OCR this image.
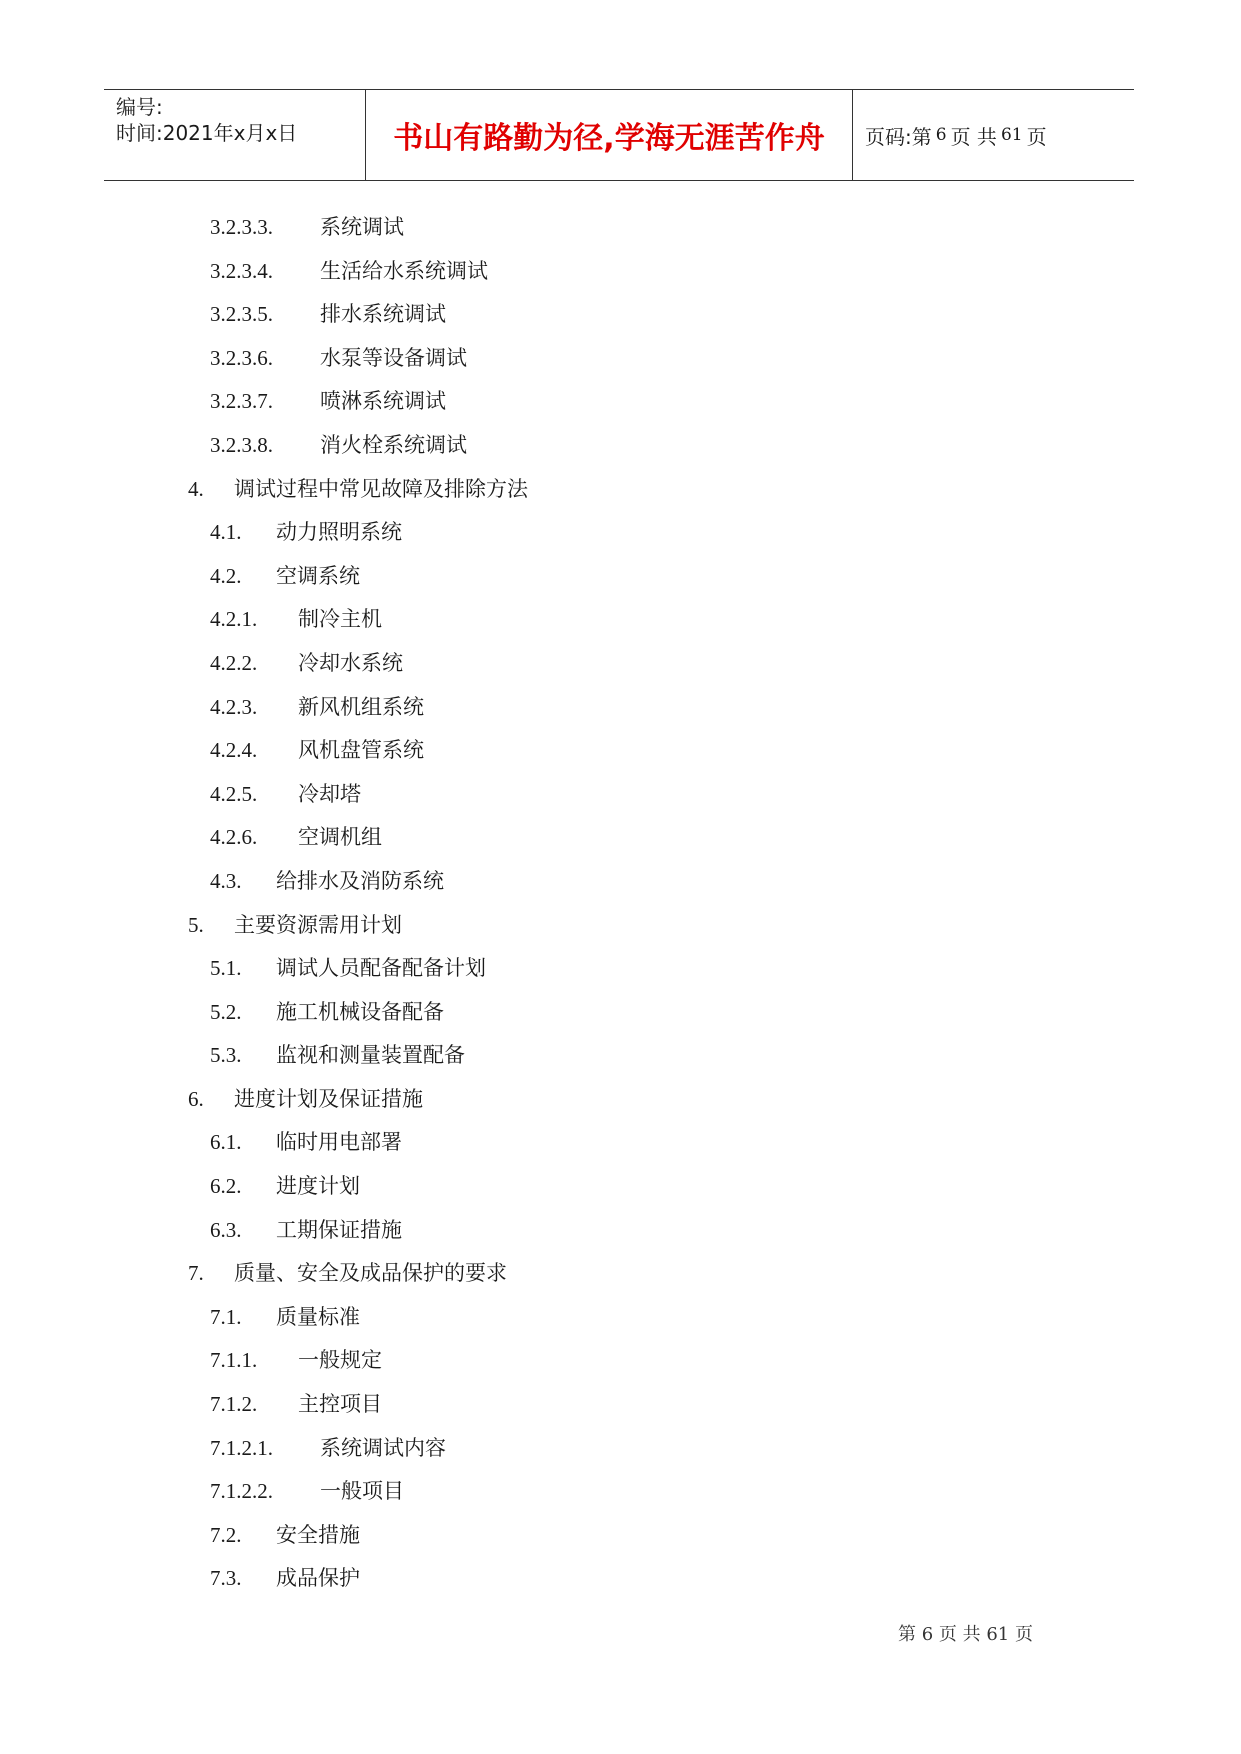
编号:
时间:2021年x月x日	书山有路勤为径,学海无涯苦作舟	页码:第 6 页 共 61 页
3.2.3.3. 系统调试
3.2.3.4. 生活给水系统调试
3.2.3.5. 排水系统调试
3.2.3.6. 水泵等设备调试
3.2.3.7. 喷淋系统调试
3.2.3.8. 消火栓系统调试
4. 调试过程中常见故障及排除方法
4.1. 动力照明系统
4.2. 空调系统
4.2.1. 制冷主机
4.2.2. 冷却水系统
4.2.3. 新风机组系统
4.2.4. 风机盘管系统
4.2.5. 冷却塔
4.2.6. 空调机组
4.3. 给排水及消防系统
5. 主要资源需用计划
5.1. 调试人员配备配备计划
5.2. 施工机械设备配备
5.3. 监视和测量装置配备
6. 进度计划及保证措施
6.1. 临时用电部署
6.2. 进度计划
6.3. 工期保证措施
7. 质量、安全及成品保护的要求
7.1. 质量标准
7.1.1. 一般规定
7.1.2. 主控项目
7.1.2.1. 系统调试内容
7.1.2.2. 一般项目
7.2. 安全措施
7.3. 成品保护
第 6 页 共 61 页
